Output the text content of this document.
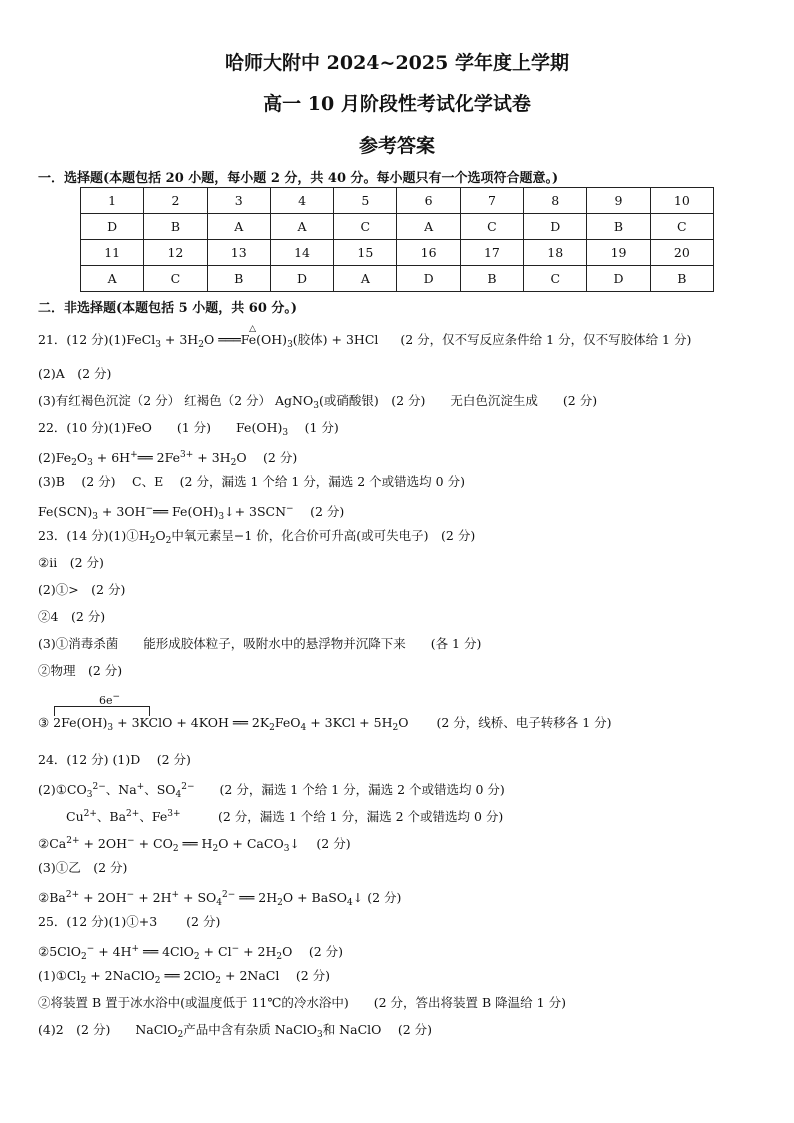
哈师大附中 2024~2025 学年度上学期
高一 10 月阶段性考试化学试卷
参考答案
一．选择题(本题包括 20 小题，每小题 2 分，共 40 分。每小题只有一个选项符合题意。)
1	2	3	4	5	6	7	8	9	10
D	B	A	A	C	A	C	D	B	C
11	12	13	14	15	16	17	18	19	20
A	C	B	D	A	D	B	C	D	B
二．非选择题(本题包括 5 小题，共 60 分。)
21．(12 分)(1)FeCl$_3$ + $3H_2O$
△
$═══Fe(OH)_3$(胶体) + 3HCl (2 分，仅不写反应条件给 1 分，仅不写胶体给 1 分)
(2)A　(2 分)
(3)有红褐色沉淀（2 分） 红褐色（2 分） AgNO$_3$(或硝酸银)　(2 分)　　无白色沉淀生成　　(2 分)
22．(10 分)(1)FeO　　(1 分)　　$Fe(OH)_3$　 (1 分)
$(2)Fe_2O_3$ + 6H+══ $2Fe^{3+} + 3H_2O$　 (2 分)
(3)B　 (2 分)　 C、E　 (2 分，漏选 1 个给 1 分，漏选 2 个或错选均 0 分)
$Fe(SCN)_3$ + 3OH−══ $Fe(OH)_3↓+ 3SCN^-$　 (2 分)
23．(14 分)$(1)①H_2O_2$中氧元素呈−1 价，化合价可升高(或可失电子)　(2 分)
②ⅱ　(2 分)
(2)①>　(2 分)
②4　(2 分)
(3)①消毒杀菌　　能形成胶体粒子，吸附水中的悬浮物并沉降下来　　(各 1 分)
②物理　(2 分)
6e−
③ $2Fe(OH)_3$ + 3KClO + 4KOH ══ $2K_2FeO_4 + 3KCl + 5H_2O$ (2 分，线桥、电子转移各 1 分)
24．(12 分) (1)D　 (2 分)
$(2)①CO_3^{2-}$、Na+、$SO_4^{2-}$　　(2 分，漏选 1 个给 1 分，漏选 2 个或错选均 0 分)
$Cu^{2+}$、$Ba^{2+}$、$Fe^{3+}$　　　(2 分，漏选 1 个给 1 分，漏选 2 个或错选均 0 分)
$②Ca^{2+} + 2OH^- + CO_2$ ══ $H_2O$ + CaCO$_3$↓　 (2 分)
(3)①乙　(2 分)
$②Ba^{2+} + 2OH^- + 2H^+ + SO_4^{2-}$ ══ $2H_2O$ + BaSO$_4$↓ (2 分)
25．(12 分)(1)①+3　　 (2 分)
②5ClO$_2$− + 4H+ ══ $4ClO_2 + Cl^- + 2H_2O$　 (2 分)
$(1)①Cl_2$ + 2NaClO$_2$ ══ 2ClO$_2$ + 2NaCl　 (2 分)
②将装置 B 置于冰水浴中(或温度低于 11℃的冷水浴中)　　(2 分，答出将装置 B 降温给 1 分)
(4)2　(2 分)　　NaClO$_2$产品中含有杂质 NaClO$_3$和 NaClO　 (2 分)
